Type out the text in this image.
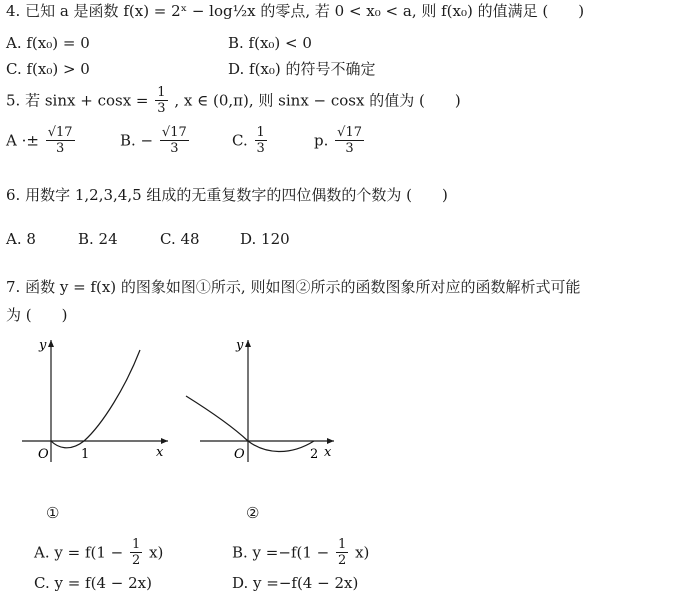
4. 已知 a 是函数 f(x) = 2ˣ − log½x 的零点, 若 0 < x₀ < a, 则 f(x₀) 的值满足 (　　)
A. f(x₀) = 0	B. f(x₀) < 0
C. f(x₀) > 0	D. f(x₀) 的符号不确定
5. 若 $\sin x + \cos x = \frac{1}{3}$ , x ∈ (0,π), 则 sinx − cosx 的值为 (　　)
$A \cdot\pm \frac{√17}{3}$	B. − $\frac{√17}{3}$	C. $\frac{1}{3}$	p. $\frac{√17}{3}$
6. 用数字 1,2,3,4,5 组成的无重复数字的四位偶数的个数为 (　　)
A. 8	B. 24	C. 48	D. 120
7. 函数 y = f(x) 的图象如图①所示, 则如图②所示的函数图象所对应的函数解析式可能
为 (　　)
x
y
O 1
①
x
y
O	2
②
A. $y = f(1 - \frac{1}{2} x)$	B. $y =-f(1 - \frac{1}{2} x)$
C. y = f(4 − 2x)	D. y =−f(4 − 2x)
